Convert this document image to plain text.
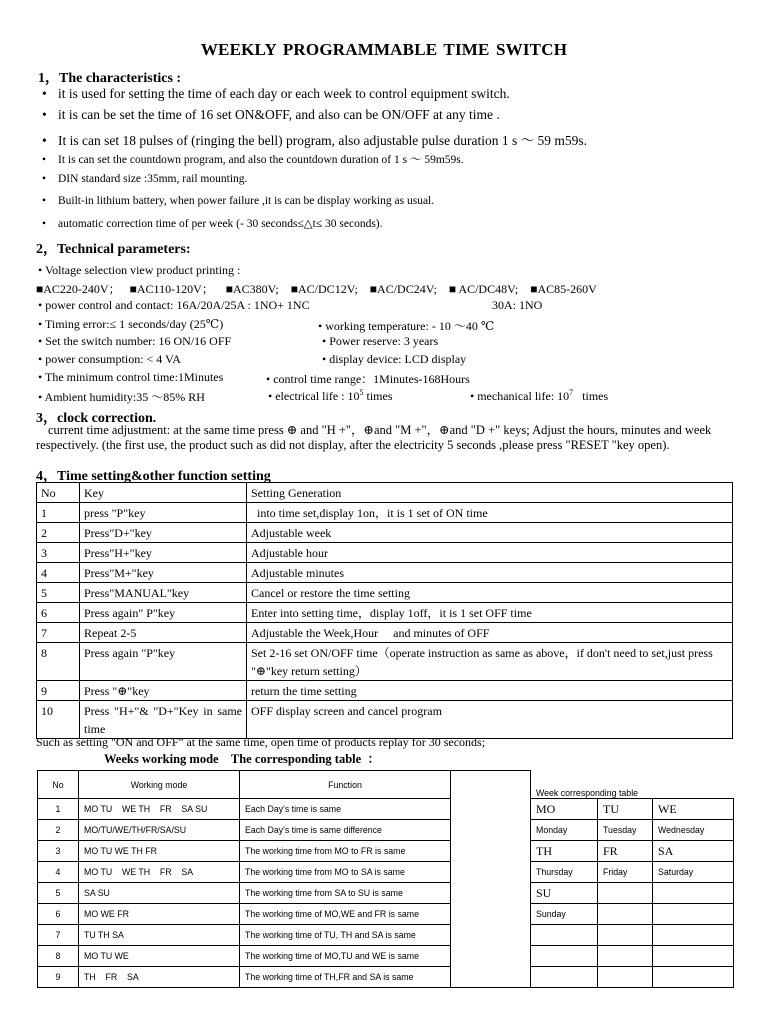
WEEKLY PROGRAMMABLE TIME SWITCH
1，The characteristics :
• it is used for setting the time of each day or each week to control equipment switch.
• it is can be set the time of 16 set ON&OFF, and also can be ON/OFF at any time .
• It is can set 18 pulses of (ringing the bell) program, also adjustable pulse duration 1 s ～ 59 m59s.
• It is can set the countdown program, and also the countdown duration of 1 s ～ 59m59s.
• DIN standard size :35mm, rail mounting.
• Built-in lithium battery, when power failure ,it is can be display working as usual.
• automatic correction time of per week (- 30 seconds≤△t≤ 30 seconds).
2，Technical parameters:
• Voltage selection view product printing :
■AC220-240V； ■AC110-120V； ■AC380V; ■AC/DC12V; ■AC/DC24V; ■ AC/DC48V; ■AC85-260V
• power control and contact: 16A/20A/25A : 1NO+ 1NC	30A: 1NO
• Timing error:≤ 1 seconds/day (25℃)	• working temperature: - 10 ～40 ℃
• Set the switch number: 16 ON/16 OFF	• Power reserve: 3 years
• power consumption: < 4 VA	• display device: LCD display
• The minimum control time:1Minutes	• control time range：1Minutes-168Hours
• Ambient humidity:35 ～85% RH	• electrical life : $10^5$ times	• mechanical life: $10^7$ times
3，clock correction.

current time adjustment: at the same time press ⊕ and "H +"，⊕and "M +"，⊕and "D +" keys; Adjust the hours, minutes and week respectively. (the first use, the product such as did not display, after the electricity 5 seconds ,please press "RESET "key open).

4，Time setting&other function setting
No	Key	Setting Generation
1	press "P"key	into time set,display 1on，it is 1 set of ON time
2	Press"D+"key	Adjustable week
3	Press"H+"key	Adjustable hour
4	Press"M+"key	Adjustable minutes
5	Press"MANUAL"key	Cancel or restore the time setting
6	Press again" P"key	Enter into setting time，display 1off，it is 1 set OFF time
7	Repeat 2-5	Adjustable the Week,Hour     and minutes of OFF
8	Press again "P"key	Set 2-16 set ON/OFF time（operate instruction as same as above，if don't need to set,just press "⊕"key return setting）
9	Press "⊕"key	return the time setting
10	Press "H+"& "D+"Key in same time	OFF display screen and cancel program
Such as setting "ON and OFF" at the same time, open time of products replay for 30 seconds;
Weeks working mode    The corresponding table  ：
No	Working mode	Function		Week corresponding table		
1	MO TU    WE TH    FR    SA SU	Each Day's time is same		MO	TU	WE
2	MO/TU/WE/TH/FR/SA/SU	Each Day's time is same difference		Monday	Tuesday	Wednesday
3	MO TU WE TH FR	The working time from MO to FR is same		TH	FR	SA
4	MO TU    WE TH    FR    SA	The working time from MO to SA is same		Thursday	Friday	Saturday
5	SA SU	The working time from SA to SU is same		SU		
6	MO WE FR	The working time of MO,WE and FR is same		Sunday		
7	TU TH SA	The working time of TU, TH and SA is same				
8	MO TU WE	The working time of MO,TU and WE is same				
9	TH    FR    SA	The working time of TH,FR and SA is same				
